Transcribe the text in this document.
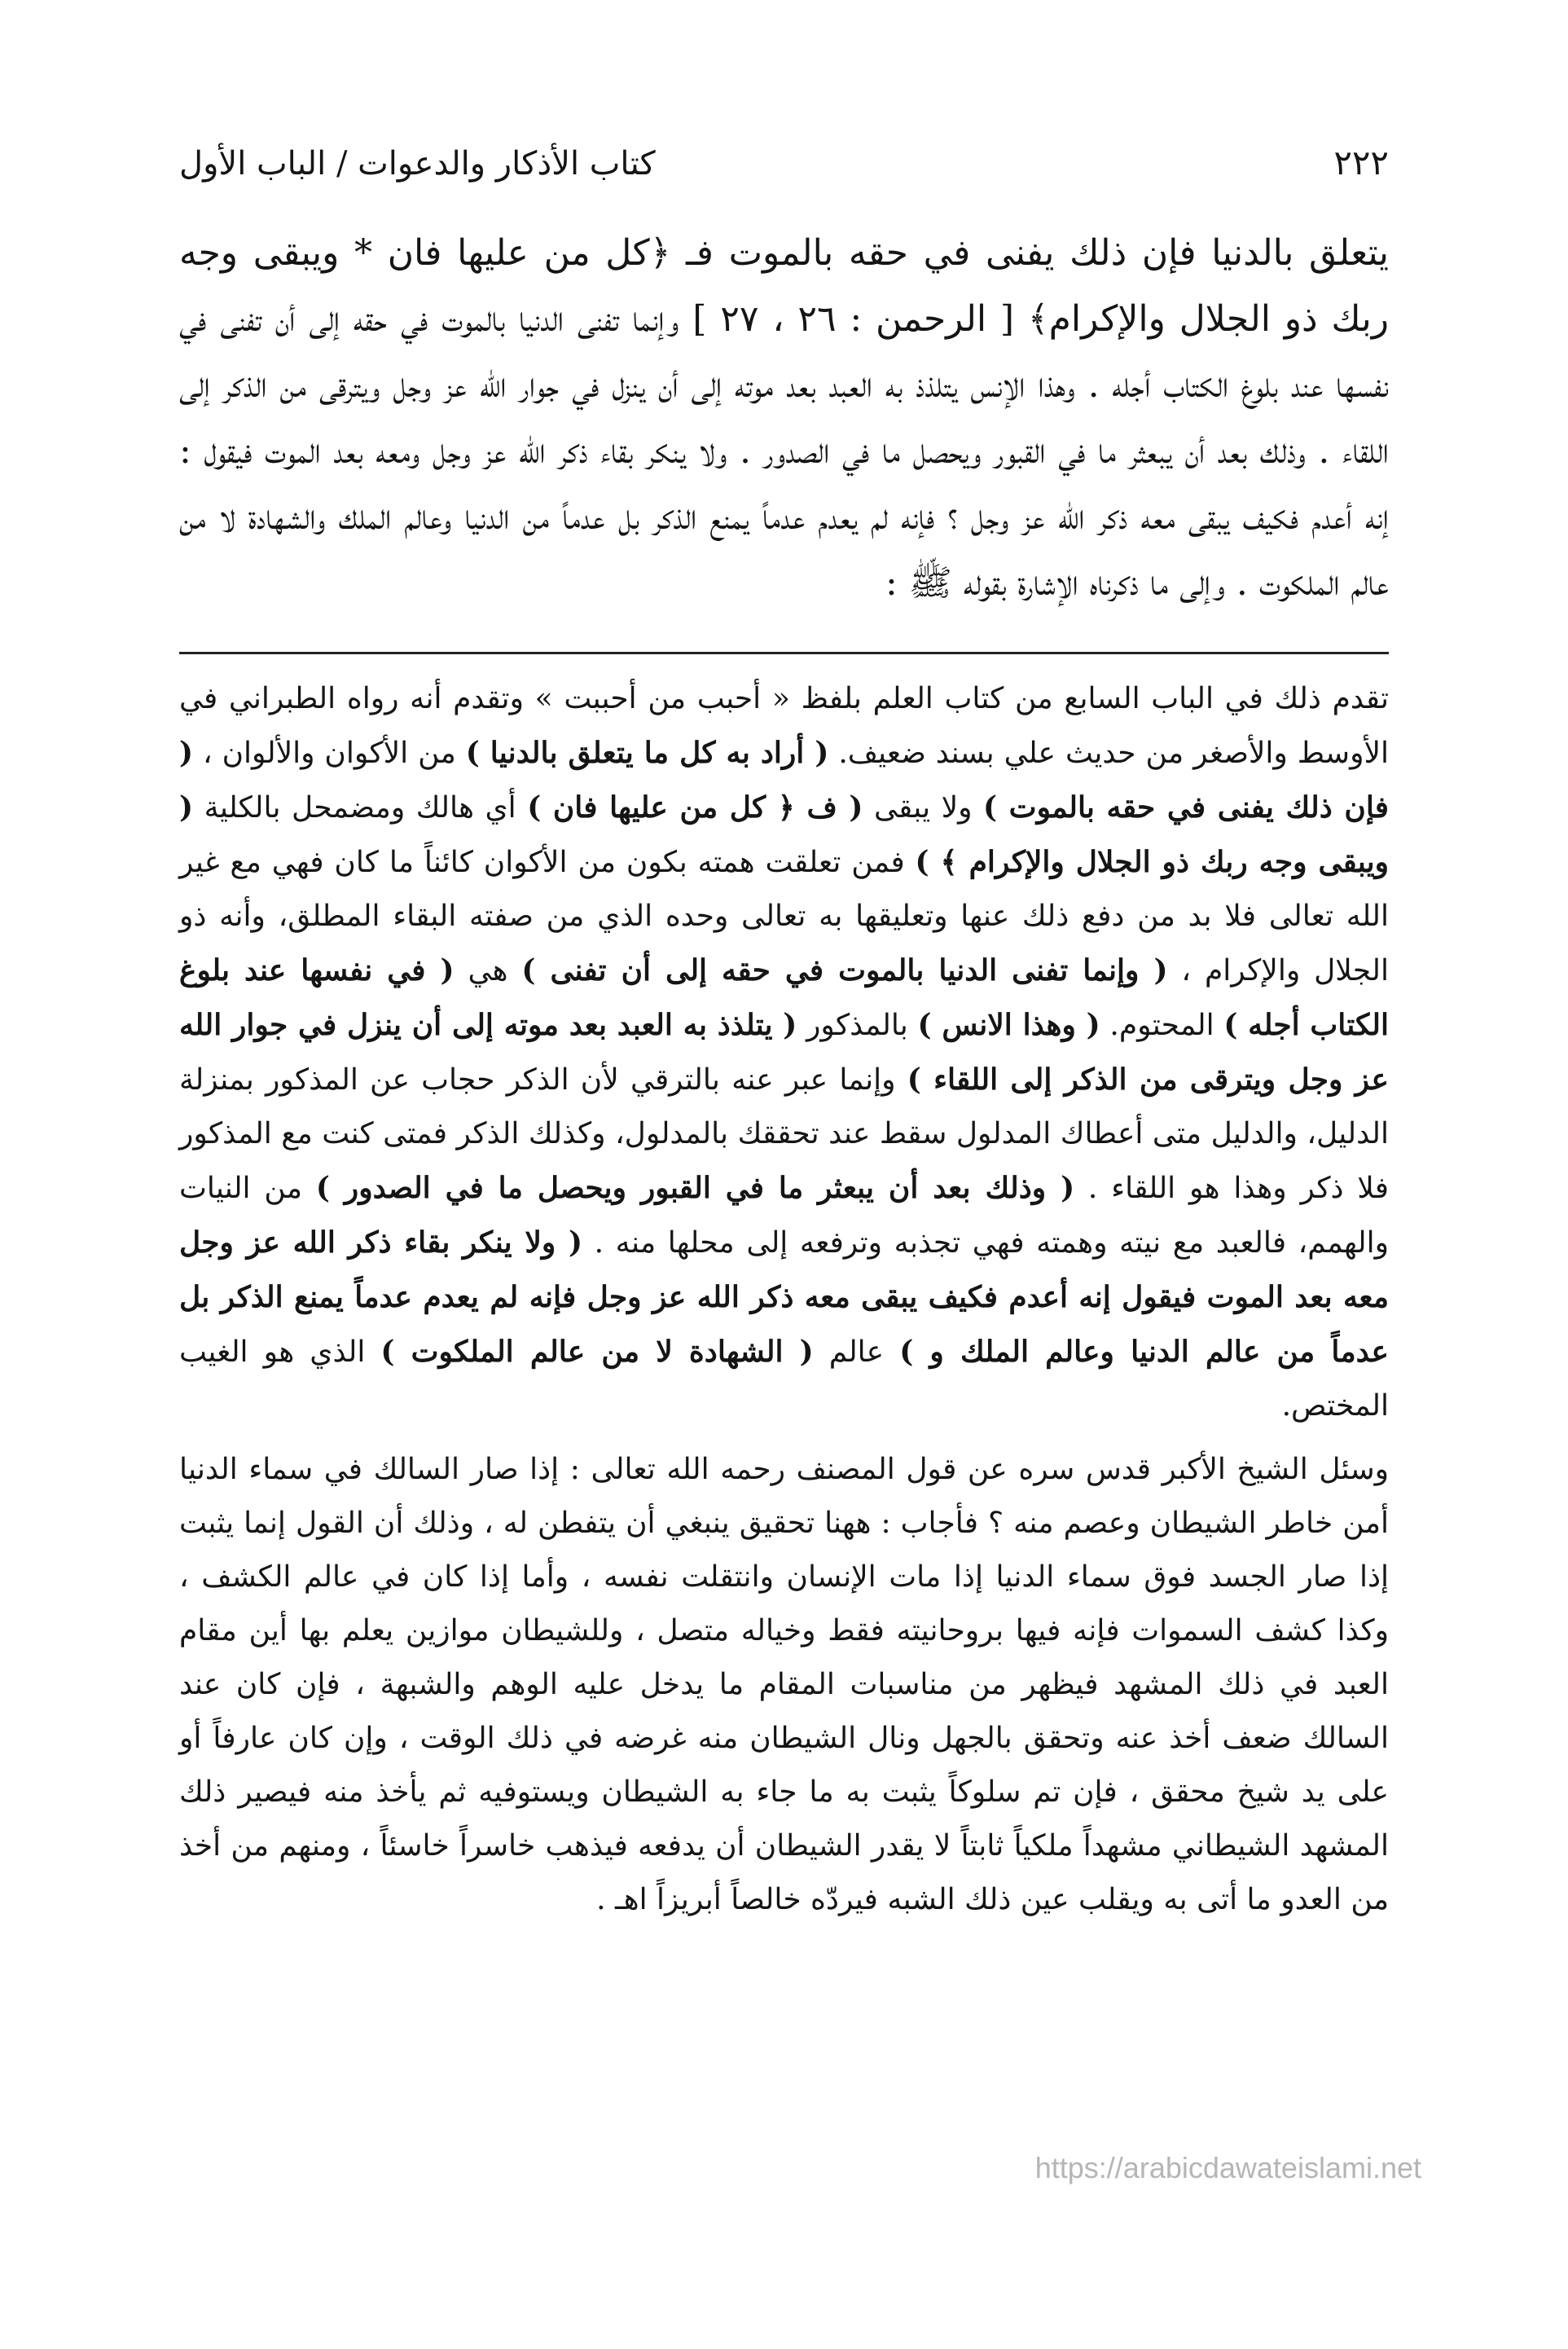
٢٢٢
كتاب الأذكار والدعوات / الباب الأول

يتعلق بالدنيا فإن ذلك يفنى في حقه بالموت فـ ﴿كل من عليها فان * ويبقى وجه ربك ذو الجلال والإكرام﴾ [ الرحمن : ٢٦ ، ٢٧ ] وإنما تفنى الدنيا بالموت في حقه إلى أن تفنى في نفسها عند بلوغ الكتاب أجله . وهذا الإنس يتلذذ به العبد بعد موته إلى أن ينزل في جوار الله عز وجل ويترقى من الذكر إلى اللقاء . وذلك بعد أن يبعثر ما في القبور ويحصل ما في الصدور . ولا ينكر بقاء ذكر الله عز وجل ومعه بعد الموت فيقول : إنه أعدم فكيف يبقى معه ذكر الله عز وجل ؟ فإنه لم يعدم عدماً يمنع الذكر بل عدماً من الدنيا وعالم الملك والشهادة لا من عالم الملكوت . وإلى ما ذكرناه الإشارة بقوله ﷺ :

تقدم ذلك في الباب السابع من كتاب العلم بلفظ « أحبب من أحببت » وتقدم أنه رواه الطبراني في الأوسط والأصغر من حديث علي بسند ضعيف. ( أراد به كل ما يتعلق بالدنيا ) من الأكوان والألوان ، ( فإن ذلك يفنى في حقه بالموت ) ولا يبقى ( ف ﴿ كل من عليها فان ) أي هالك ومضمحل بالكلية ( ويبقى وجه ربك ذو الجلال والإكرام ﴾ ) فمن تعلقت همته بكون من الأكوان كائناً ما كان فهي مع غير الله تعالى فلا بد من دفع ذلك عنها وتعليقها به تعالى وحده الذي من صفته البقاء المطلق، وأنه ذو الجلال والإكرام ، ( وإنما تفنى الدنيا بالموت في حقه إلى أن تفنى ) هي ( في نفسها عند بلوغ الكتاب أجله ) المحتوم. ( وهذا الانس ) بالمذكور ( يتلذذ به العبد بعد موته إلى أن ينزل في جوار الله عز وجل ويترقى من الذكر إلى اللقاء ) وإنما عبر عنه بالترقي لأن الذكر حجاب عن المذكور بمنزلة الدليل، والدليل متى أعطاك المدلول سقط عند تحققك بالمدلول، وكذلك الذكر فمتى كنت مع المذكور فلا ذكر وهذا هو اللقاء . ( وذلك بعد أن يبعثر ما في القبور ويحصل ما في الصدور ) من النيات والهمم، فالعبد مع نيته وهمته فهي تجذبه وترفعه إلى محلها منه . ( ولا ينكر بقاء ذكر الله عز وجل معه بعد الموت فيقول إنه أعدم فكيف يبقى معه ذكر الله عز وجل فإنه لم يعدم عدماً يمنع الذكر بل عدماً من عالم الدنيا وعالم الملك و ) عالم ( الشهادة لا من عالم الملكوت ) الذي هو الغيب المختص.

وسئل الشيخ الأكبر قدس سره عن قول المصنف رحمه الله تعالى : إذا صار السالك في سماء الدنيا أمن خاطر الشيطان وعصم منه ؟ فأجاب : ههنا تحقيق ينبغي أن يتفطن له ، وذلك أن القول إنما يثبت إذا صار الجسد فوق سماء الدنيا إذا مات الإنسان وانتقلت نفسه ، وأما إذا كان في عالم الكشف ، وكذا كشف السموات فإنه فيها بروحانيته فقط وخياله متصل ، وللشيطان موازين يعلم بها أين مقام العبد في ذلك المشهد فيظهر من مناسبات المقام ما يدخل عليه الوهم والشبهة ، فإن كان عند السالك ضعف أخذ عنه وتحقق بالجهل ونال الشيطان منه غرضه في ذلك الوقت ، وإن كان عارفاً أو على يد شيخ محقق ، فإن تم سلوكاً يثبت به ما جاء به الشيطان ويستوفيه ثم يأخذ منه فيصير ذلك المشهد الشيطاني مشهداً ملكياً ثابتاً لا يقدر الشيطان أن يدفعه فيذهب خاسراً خاسئاً ، ومنهم من أخذ من العدو ما أتى به ويقلب عين ذلك الشبه فيردّه خالصاً أبريزاً اهـ .

https://arabicdawateislami.net
